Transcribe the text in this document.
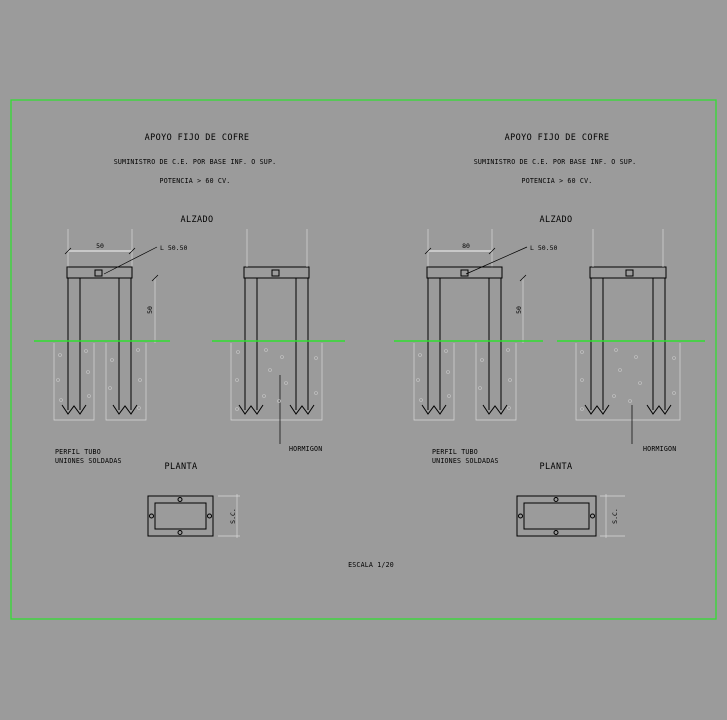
APOYO FIJO DE COFRE
SUMINISTRO DE C.E. POR BASE INF. O SUP.
POTENCIA > 60 CV.
ALZADO
50	L 50.50
50
PERFIL TUBO
UNIONES SOLDADAS
HORMIGON
PLANTA
S.C.
APOYO FIJO DE COFRE
SUMINISTRO DE C.E. POR BASE INF. O SUP.
POTENCIA > 60 CV.
ALZADO
80	L 50.50
50
PERFIL TUBO
UNIONES SOLDADAS
HORMIGON
PLANTA
S.C.
ESCALA 1/20
